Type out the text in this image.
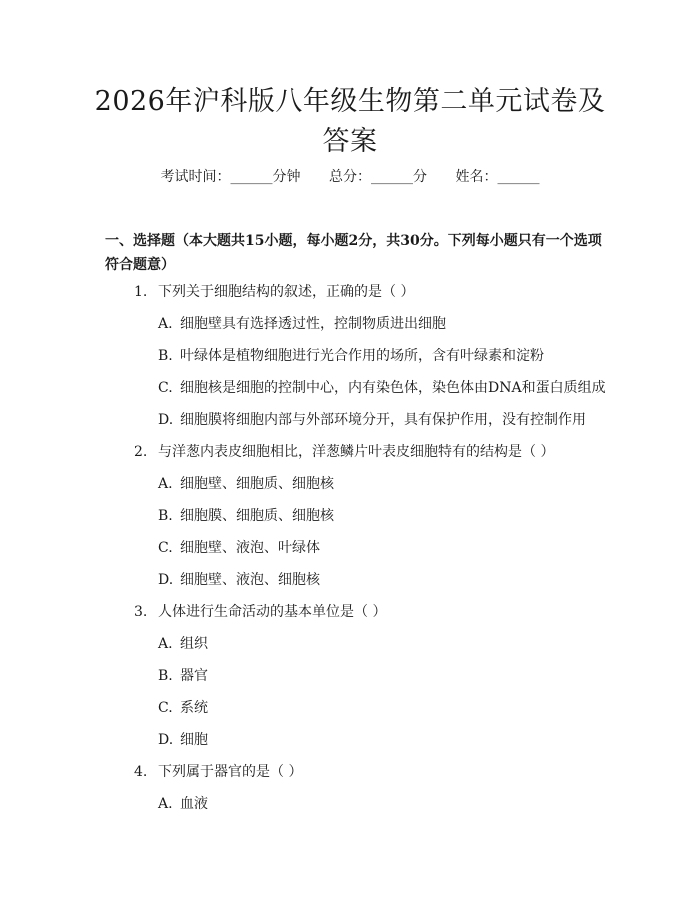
2026年沪科版八年级生物第二单元试卷及答案
考试时间：______分钟 总分：______分 姓名：______
一、选择题（本大题共15小题，每小题2分，共30分。下列每小题只有一个选项符合题意）
1. 下列关于细胞结构的叙述，正确的是（ ）
A. 细胞壁具有选择透过性，控制物质进出细胞
B. 叶绿体是植物细胞进行光合作用的场所，含有叶绿素和淀粉
C. 细胞核是细胞的控制中心，内有染色体，染色体由DNA和蛋白质组成
D. 细胞膜将细胞内部与外部环境分开，具有保护作用，没有控制作用
2. 与洋葱内表皮细胞相比，洋葱鳞片叶表皮细胞特有的结构是（ ）
A. 细胞壁、细胞质、细胞核
B. 细胞膜、细胞质、细胞核
C. 细胞壁、液泡、叶绿体
D. 细胞壁、液泡、细胞核
3. 人体进行生命活动的基本单位是（ ）
A. 组织
B. 器官
C. 系统
D. 细胞
4. 下列属于器官的是（ ）
A. 血液
